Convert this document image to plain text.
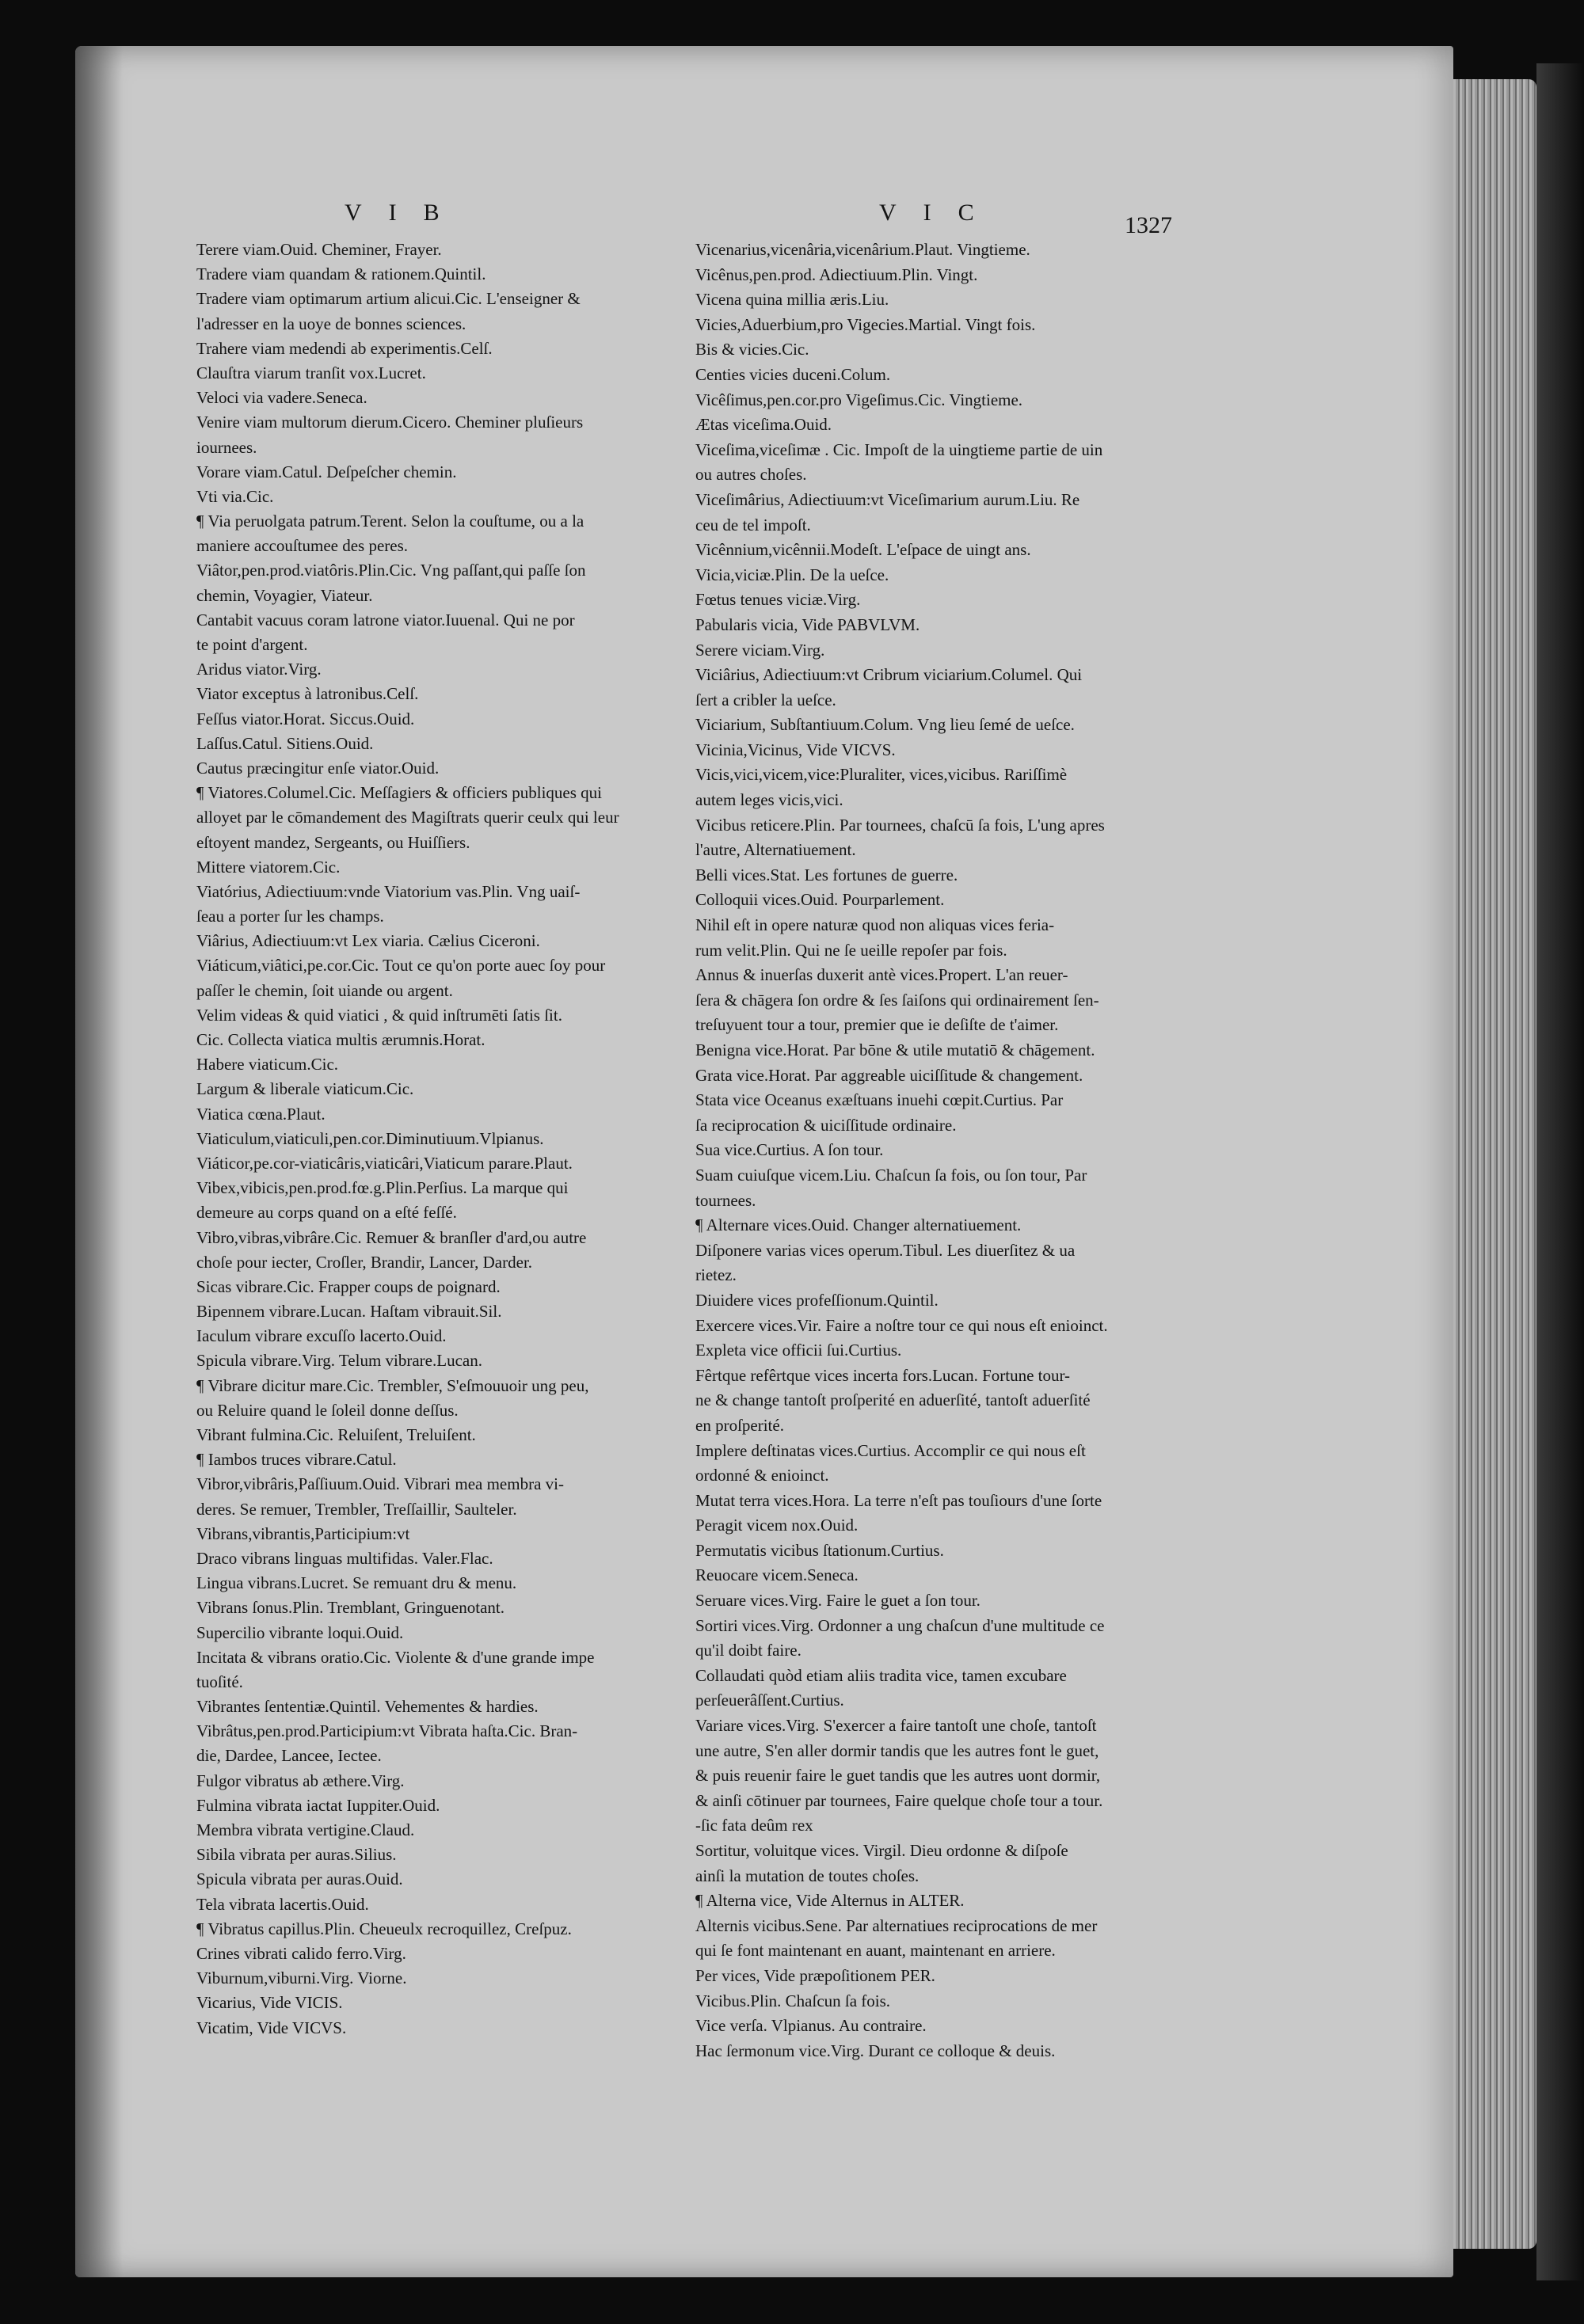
VIB	VIC	1327
Terere viam.Ouid. Cheminer, Frayer.
Tradere viam quandam & rationem.Quintil.
Tradere viam optimarum artium alicui.Cic. L'enseigner &
l'adresser en la uoye de bonnes sciences.
Trahere viam medendi ab experimentis.Celſ.
Clauſtra viarum tranſit vox.Lucret.
Veloci via vadere.Seneca.
Venire viam multorum dierum.Cicero. Cheminer pluſieurs
iournees.
Vorare viam.Catul. Deſpeſcher chemin.
Vti via.Cic.
¶ Via peruolgata patrum.Terent. Selon la couſtume, ou a la
maniere accouſtumee des peres.
Viâtor,pen.prod.viatôris.Plin.Cic. Vng paſſant,qui paſſe ſon
chemin, Voyagier, Viateur.
Cantabit vacuus coram latrone viator.Iuuenal. Qui ne por
te point d'argent.
Aridus viator.Virg.
Viator exceptus à latronibus.Celſ.
Feſſus viator.Horat. Siccus.Ouid.
Laſſus.Catul. Sitiens.Ouid.
Cautus præcingitur enſe viator.Ouid.
¶ Viatores.Columel.Cic. Meſſagiers & officiers publiques qui
alloyet par le cōmandement des Magiſtrats querir ceulx qui leur
eſtoyent mandez, Sergeants, ou Huiſſiers.
Mittere viatorem.Cic.
Viatórius, Adiectiuum:vnde Viatorium vas.Plin. Vng uaiſ-
ſeau a porter ſur les champs.
Viârius, Adiectiuum:vt Lex viaria. Cælius Ciceroni.
Viáticum,viâtici,pe.cor.Cic. Tout ce qu'on porte auec ſoy pour
paſſer le chemin, ſoit uiande ou argent.
Velim videas & quid viatici , & quid inſtrumēti ſatis ſit.
Cic. Collecta viatica multis ærumnis.Horat.
Habere viaticum.Cic.
Largum & liberale viaticum.Cic.
Viatica cœna.Plaut.
Viaticulum,viaticuli,pen.cor.Diminutiuum.Vlpianus.
Viáticor,pe.cor-viaticâris,viaticâri,Viaticum parare.Plaut.
Vibex,vibicis,pen.prod.fœ.g.Plin.Perſius. La marque qui
demeure au corps quand on a eſté feſſé.
Vibro,vibras,vibrâre.Cic. Remuer & branſler d'ard,ou autre
choſe pour iecter, Croſler, Brandir, Lancer, Darder.
Sicas vibrare.Cic. Frapper coups de poignard.
Bipennem vibrare.Lucan. Haſtam vibrauit.Sil.
Iaculum vibrare excuſſo lacerto.Ouid.
Spicula vibrare.Virg. Telum vibrare.Lucan.
¶ Vibrare dicitur mare.Cic. Trembler, S'eſmouuoir ung peu,
ou Reluire quand le ſoleil donne deſſus.
Vibrant fulmina.Cic. Reluiſent, Treluiſent.
¶ Iambos truces vibrare.Catul.
Vibror,vibrâris,Paſſiuum.Ouid. Vibrari mea membra vi-
deres. Se remuer, Trembler, Treſſaillir, Saulteler.
Vibrans,vibrantis,Participium:vt
Draco vibrans linguas multifidas. Valer.Flac.
Lingua vibrans.Lucret. Se remuant dru & menu.
Vibrans ſonus.Plin. Tremblant, Gringuenotant.
Supercilio vibrante loqui.Ouid.
Incitata & vibrans oratio.Cic. Violente & d'une grande impe
tuoſité.
Vibrantes ſententiæ.Quintil. Vehementes & hardies.
Vibrâtus,pen.prod.Participium:vt Vibrata haſta.Cic. Bran-
die, Dardee, Lancee, Iectee.
Fulgor vibratus ab æthere.Virg.
Fulmina vibrata iactat Iuppiter.Ouid.
Membra vibrata vertigine.Claud.
Sibila vibrata per auras.Silius.
Spicula vibrata per auras.Ouid.
Tela vibrata lacertis.Ouid.
¶ Vibratus capillus.Plin. Cheueulx recroquillez, Creſpuz.
Crines vibrati calido ferro.Virg.
Viburnum,viburni.Virg. Viorne.
Vicarius, Vide VICIS.
Vicatim, Vide VICVS.
Vicenarius,vicenâria,vicenârium.Plaut. Vingtieme.
Vicênus,pen.prod. Adiectiuum.Plin. Vingt.
Vicena quina millia æris.Liu.
Vicies,Aduerbium,pro Vigecies.Martial. Vingt fois.
Bis & vicies.Cic.
Centies vicies duceni.Colum.
Vicêſimus,pen.cor.pro Vigeſimus.Cic. Vingtieme.
Ætas viceſima.Ouid.
Viceſima,viceſimæ . Cic. Impoſt de la uingtieme partie de uin
ou autres choſes.
Viceſimârius, Adiectiuum:vt Viceſimarium aurum.Liu. Re
ceu de tel impoſt.
Vicênnium,vicênnii.Modeſt. L'eſpace de uingt ans.
Vicia,viciæ.Plin. De la ueſce.
Fœtus tenues viciæ.Virg.
Pabularis vicia, Vide PABVLVM.
Serere viciam.Virg.
Viciârius, Adiectiuum:vt Cribrum viciarium.Columel. Qui
ſert a cribler la ueſce.
Viciarium, Subſtantiuum.Colum. Vng lieu ſemé de ueſce.
Vicinia,Vicinus, Vide VICVS.
Vicis,vici,vicem,vice:Pluraliter, vices,vicibus. Rariſſimè
autem leges vicis,vici.
Vicibus reticere.Plin. Par tournees, chaſcū ſa fois, L'ung apres
l'autre, Alternatiuement.
Belli vices.Stat. Les fortunes de guerre.
Colloquii vices.Ouid. Pourparlement.
Nihil eſt in opere naturæ quod non aliquas vices feria-
rum velit.Plin. Qui ne ſe ueille repoſer par fois.
Annus & inuerſas duxerit antè vices.Propert. L'an reuer-
ſera & chāgera ſon ordre & ſes ſaiſons qui ordinairement ſen-
treſuyuent tour a tour, premier que ie deſiſte de t'aimer.
Benigna vice.Horat. Par bōne & utile mutatiō & chāgement.
Grata vice.Horat. Par aggreable uiciſſitude & changement.
Stata vice Oceanus exæſtuans inuehi cœpit.Curtius. Par
ſa reciprocation & uiciſſitude ordinaire.
Sua vice.Curtius. A ſon tour.
Suam cuiuſque vicem.Liu. Chaſcun ſa fois, ou ſon tour, Par
tournees.
¶ Alternare vices.Ouid. Changer alternatiuement.
Diſponere varias vices operum.Tibul. Les diuerſitez & ua
rietez.
Diuidere vices profeſſionum.Quintil.
Exercere vices.Vir. Faire a noſtre tour ce qui nous eſt enioinct.
Expleta vice officii ſui.Curtius.
Fêrtque refêrtque vices incerta fors.Lucan. Fortune tour-
ne & change tantoſt proſperité en aduerſité, tantoſt aduerſité
en proſperité.
Implere deſtinatas vices.Curtius. Accomplir ce qui nous eſt
ordonné & enioinct.
Mutat terra vices.Hora. La terre n'eſt pas touſiours d'une ſorte
Peragit vicem nox.Ouid.
Permutatis vicibus ſtationum.Curtius.
Reuocare vicem.Seneca.
Seruare vices.Virg. Faire le guet a ſon tour.
Sortiri vices.Virg. Ordonner a ung chaſcun d'une multitude ce
qu'il doibt faire.
Collaudati quòd etiam aliis tradita vice, tamen excubare
perſeuerâſſent.Curtius.
Variare vices.Virg. S'exercer a faire tantoſt une choſe, tantoſt
une autre, S'en aller dormir tandis que les autres font le guet,
& puis reuenir faire le guet tandis que les autres uont dormir,
& ainſi cōtinuer par tournees, Faire quelque choſe tour a tour.
-ſic fata deûm rex
Sortitur, voluitque vices. Virgil. Dieu ordonne & diſpoſe
ainſi la mutation de toutes choſes.
¶ Alterna vice, Vide Alternus in ALTER.
Alternis vicibus.Sene. Par alternatiues reciprocations de mer
qui ſe font maintenant en auant, maintenant en arriere.
Per vices, Vide præpoſitionem PER.
Vicibus.Plin. Chaſcun ſa fois.
Vice verſa. Vlpianus. Au contraire.
Hac ſermonum vice.Virg. Durant ce colloque & deuis.
